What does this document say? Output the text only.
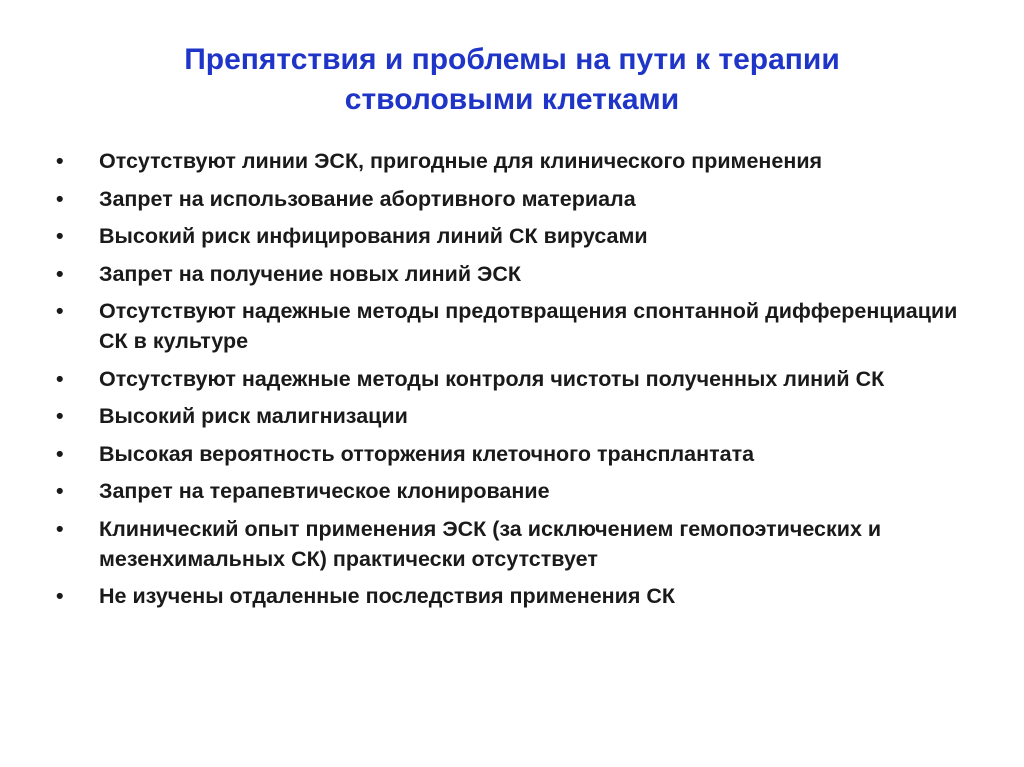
Препятствия и проблемы на пути к терапии
стволовыми клетками
• Отсутствуют линии ЭСК, пригодные для клинического применения
• Запрет на использование абортивного материала
• Высокий риск инфицирования линий СК вирусами
• Запрет на получение новых линий ЭСК
• Отсутствуют надежные методы предотвращения спонтанной дифференциации СК в культуре
• Отсутствуют надежные методы контроля чистоты полученных линий СК
• Высокий риск малигнизации
• Высокая вероятность отторжения клеточного трансплантата
• Запрет на терапевтическое клонирование
• Клинический опыт применения ЭСК (за исключением гемопоэтических и мезенхимальных СК) практически отсутствует
• Не изучены отдаленные последствия применения СК
